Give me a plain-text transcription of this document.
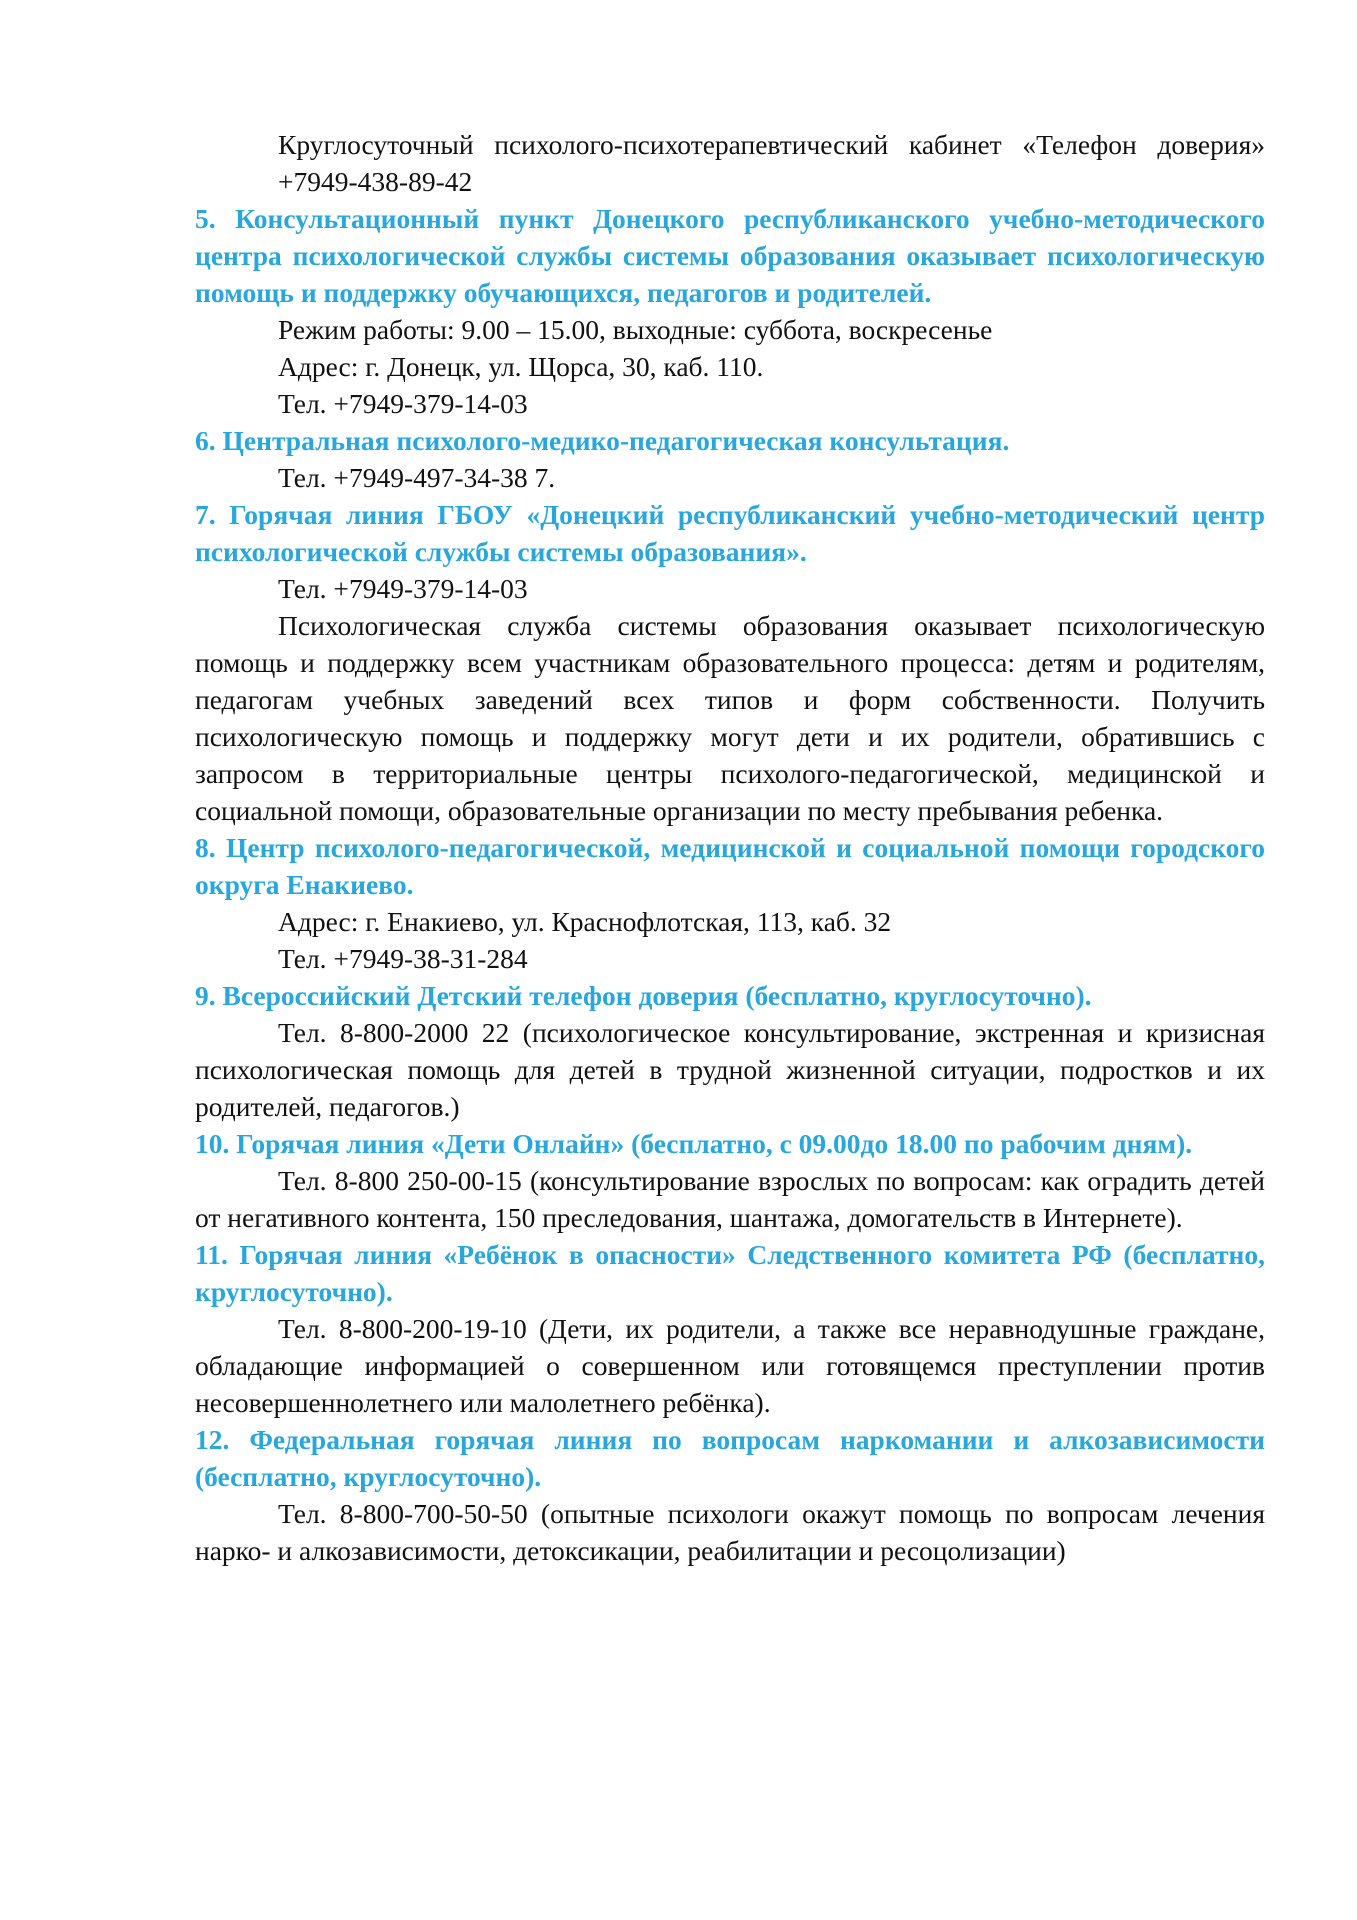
Круглосуточный психолого-психотерапевтический кабинет «Телефон доверия» +7949-438-89-42

5. Консультационный пункт Донецкого республиканского учебно-методического центра психологической службы системы образования оказывает психологическую помощь и поддержку обучающихся, педагогов и родителей.

Режим работы: 9.00 – 15.00, выходные: суббота, воскресенье

Адрес: г. Донецк, ул. Щорса, 30, каб. 110.

Тел. +7949-379-14-03

6. Центральная психолого-медико-педагогическая консультация.

Тел. +7949-497-34-38 7.

7. Горячая линия ГБОУ «Донецкий республиканский учебно-методический центр психологической службы системы образования».

Тел. +7949-379-14-03

Психологическая служба системы образования оказывает психологическую помощь и поддержку всем участникам образовательного процесса: детям и родителям, педагогам учебных заведений всех типов и форм собственности. Получить психологическую помощь и поддержку могут дети и их родители, обратившись с запросом в территориальные центры психолого-педагогической, медицинской и социальной помощи, образовательные организации по месту пребывания ребенка.

8. Центр психолого-педагогической, медицинской и социальной помощи городского округа Енакиево.

Адрес: г. Енакиево, ул. Краснофлотская, 113, каб. 32

Тел. +7949-38-31-284

9. Всероссийский Детский телефон доверия (бесплатно, круглосуточно).

Тел. 8-800-2000 22 (психологическое консультирование, экстренная и кризисная психологическая помощь для детей в трудной жизненной ситуации, подростков и их родителей, педагогов.)

10. Горячая линия «Дети Онлайн» (бесплатно, с 09.00до 18.00 по рабочим дням).

Тел. 8-800 250-00-15 (консультирование взрослых по вопросам: как оградить детей от негативного контента, 150 преследования, шантажа, домогательств в Интернете).

11. Горячая линия «Ребёнок в опасности» Следственного комитета РФ (бесплатно, круглосуточно).

Тел. 8-800-200-19-10 (Дети, их родители, а также все неравнодушные граждане, обладающие информацией о совершенном или готовящемся преступлении против несовершеннолетнего или малолетнего ребёнка).

12. Федеральная горячая линия по вопросам наркомании и алкозависимости (бесплатно, круглосуточно).

Тел. 8-800-700-50-50 (опытные психологи окажут помощь по вопросам лечения нарко- и алкозависимости, детоксикации, реабилитации и ресоцолизации)
